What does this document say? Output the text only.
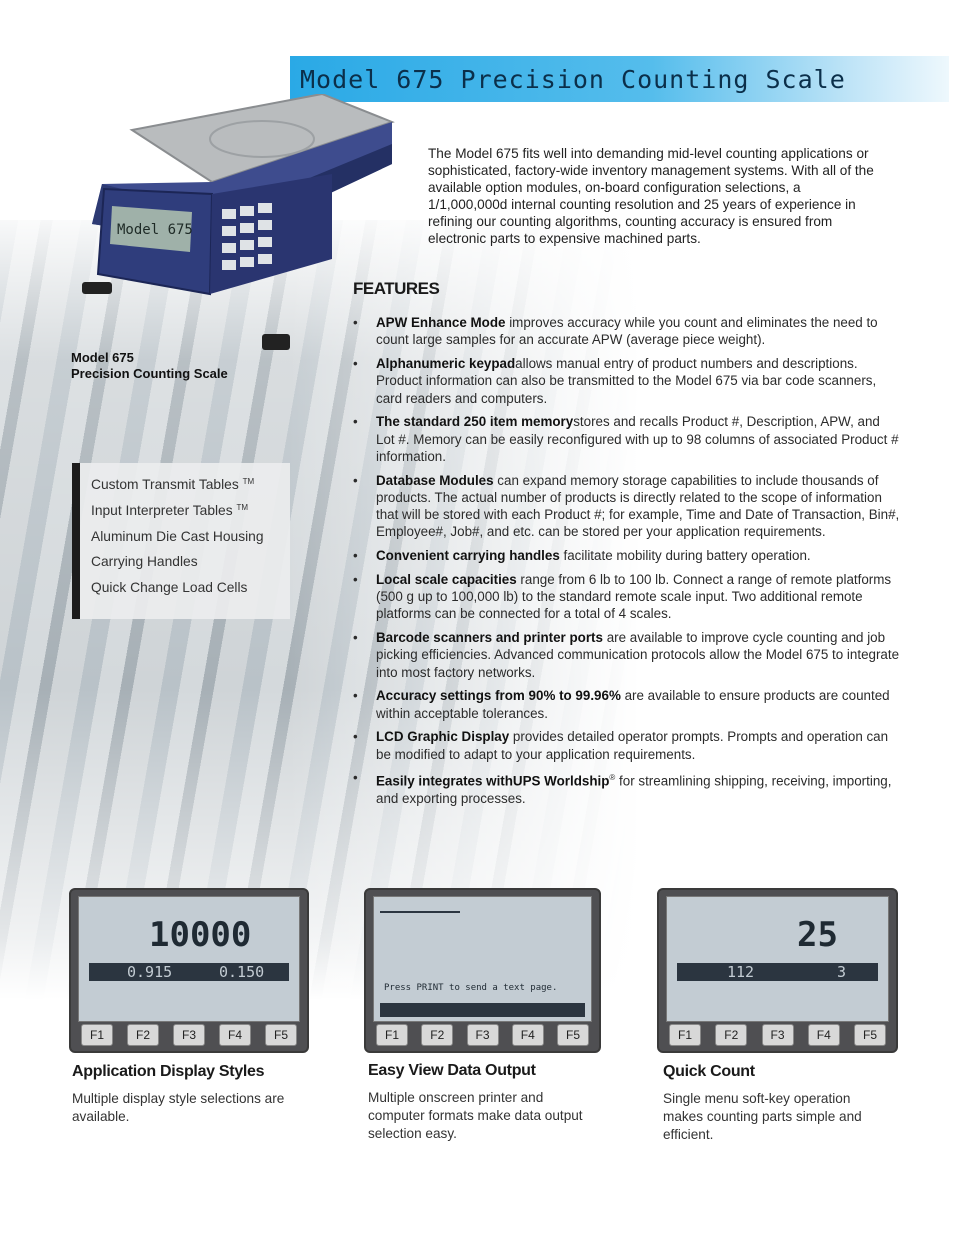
Model 675 Precision Counting Scale
Model 675
Model 675
Precision Counting Scale
The Model 675 fits well into demanding mid-level counting applications or sophisticated, factory-wide inventory management systems. With all of the available option modules, on-board configuration selections, a 1/1,000,000d internal counting resolution and 25 years of experience in refining our counting algorithms, counting accuracy is ensured from electronic parts to expensive machined parts.
FEATURES
• APW Enhance Mode improves accuracy while you count and eliminates the need to count large samples for an accurate APW (average piece weight).
• Alphanumeric keypadallows manual entry of product numbers and descriptions. Product information can also be transmitted to the Model 675 via bar code scanners, card readers and computers.
• The standard 250 item memorystores and recalls Product #, Description, APW, and Lot #. Memory can be easily reconfigured with up to 98 columns of associated Product # information.
• Database Modules can expand memory storage capabilities to include thousands of products. The actual number of products is directly related to the scope of information that will be stored with each Product #; for example, Time and Date of Transaction, Bin#, Employee#, Job#, and etc. can be stored per your application requirements.
• Convenient carrying handles facilitate mobility during battery operation.
• Local scale capacities range from 6 lb to 100 lb. Connect a range of remote platforms (500 g up to 100,000 lb) to the standard remote scale input. Two additional remote platforms can be connected for a total of 4 scales.
• Barcode scanners and printer ports are available to improve cycle counting and job picking efficiencies. Advanced communication protocols allow the Model 675 to integrate into most factory networks.
• Accuracy settings from 90% to 99.96% are available to ensure products are counted within acceptable tolerances.
• LCD Graphic Display provides detailed operator prompts. Prompts and operation can be modified to adapt to your application requirements.
• Easily integrates withUPS Worldship® for streamlining shipping, receiving, importing, and exporting processes.
Custom Transmit Tables ™
Input Interpreter Tables ™
Aluminum Die Cast Housing
Carrying Handles
Quick Change Load Cells
10000
0.915	0.150
F1	F2	F3	F4	F5
Press PRINT to send a text page.
F1	F2	F3	F4	F5
25
112	3
F1	F2	F3	F4	F5
Application Display Styles
Multiple display style selections are available.
Easy View Data Output
Multiple onscreen printer and computer formats make data output selection easy.
Quick Count
Single menu soft-key operation makes counting parts simple and efficient.
